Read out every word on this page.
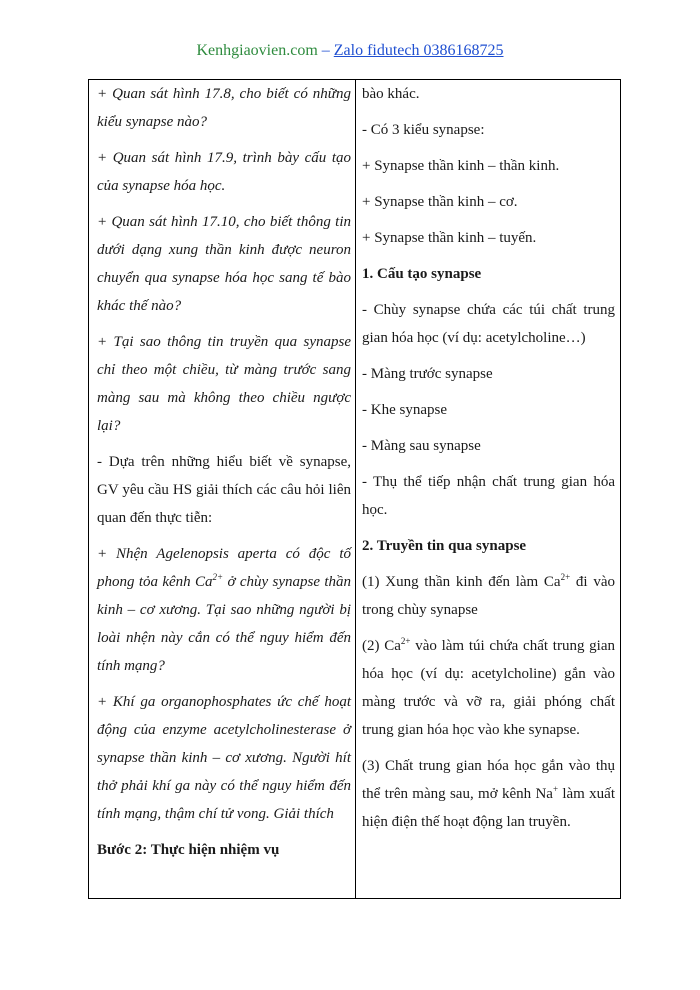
Kenhgiaovien.com – Zalo fidutech 0386168725

+ Quan sát hình 17.8, cho biết có những kiểu synapse nào?

+ Quan sát hình 17.9, trình bày cấu tạo của synapse hóa học.

+ Quan sát hình 17.10, cho biết thông tin dưới dạng xung thần kinh được neuron chuyển qua synapse hóa học sang tế bào khác thế nào?

+ Tại sao thông tin truyền qua synapse chỉ theo một chiều, từ màng trước sang màng sau mà không theo chiều ngược lại?

- Dựa trên những hiểu biết về synapse, GV yêu cầu HS giải thích các câu hỏi liên quan đến thực tiễn:

+ Nhện Agelenopsis aperta có độc tố phong tỏa kênh $Ca^{2+}$ ở chùy synapse thần kinh – cơ xương. Tại sao những người bị loài nhện này cắn có thể nguy hiểm đến tính mạng?

+ Khí ga organophosphates ức chế hoạt động của enzyme acetylcholinesterase ở synapse thần kinh – cơ xương. Người hít thở phải khí ga này có thể nguy hiểm đến tính mạng, thậm chí tử vong. Giải thích

Bước 2: Thực hiện nhiệm vụ

bào khác.

- Có 3 kiểu synapse:

+ Synapse thần kinh – thần kinh.

+ Synapse thần kinh – cơ.

+ Synapse thần kinh – tuyến.

1. Cấu tạo synapse

- Chùy synapse chứa các túi chất trung gian hóa học (ví dụ: acetylcholine…)

- Màng trước synapse

- Khe synapse

- Màng sau synapse

- Thụ thể tiếp nhận chất trung gian hóa học.

2. Truyền tin qua synapse

(1) Xung thần kinh đến làm $Ca^{2+}$ đi vào trong chùy synapse

(2) $Ca^{2+}$ vào làm túi chứa chất trung gian hóa học (ví dụ: acetylcholine) gắn vào màng trước và vỡ ra, giải phóng chất trung gian hóa học vào khe synapse.

(3) Chất trung gian hóa học gắn vào thụ thể trên màng sau, mở kênh Na+ làm xuất hiện điện thế hoạt động lan truyền.
